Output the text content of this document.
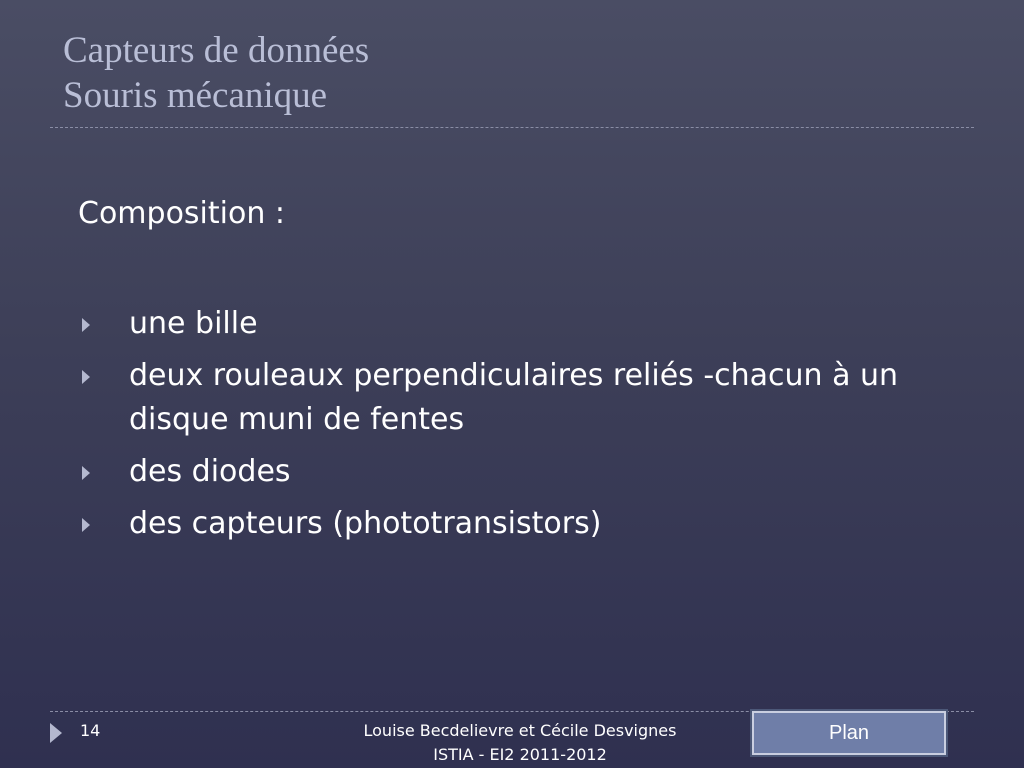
Capteurs de données
Souris mécanique
Composition :
une bille
deux rouleaux perpendiculaires reliés -chacun à un disque muni de fentes
des diodes
des capteurs (phototransistors)
14	Louise Becdelievre et Cécile Desvignes
ISTIA - EI2 2011-2012
Plan
